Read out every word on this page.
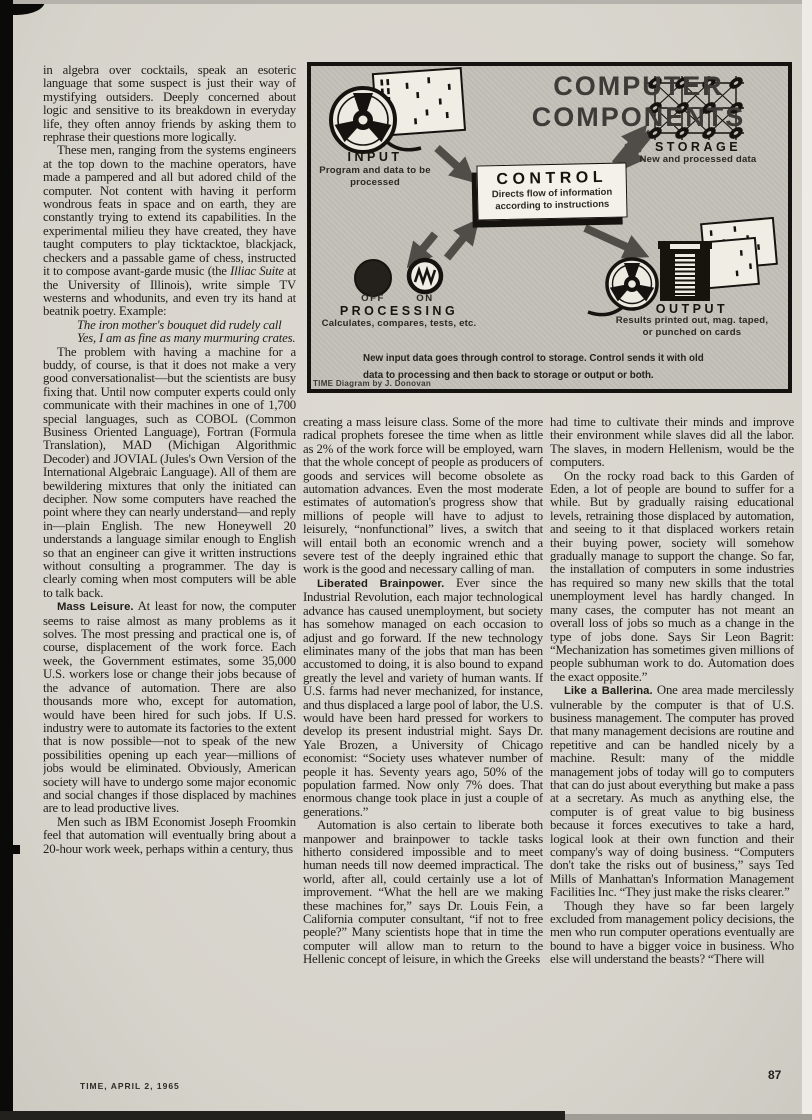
in algebra over cocktails, speak an esoteric language that some suspect is just their way of mystifying outsiders. Deeply concerned about logic and sensitive to its breakdown in everyday life, they often annoy friends by asking them to rephrase their questions more logically.

These men, ranging from the systems engineers at the top down to the machine operators, have made a pampered and all but adored child of the computer. Not content with having it perform wondrous feats in space and on earth, they are constantly trying to extend its capabilities. In the experimental milieu they have created, they have taught computers to play ticktacktoe, blackjack, checkers and a passable game of chess, instructed it to compose avant-garde music (the Illiac Suite at the University of Illinois), write simple TV westerns and whodunits, and even try its hand at beatnik poetry. Example:

The iron mother's bouquet did rudely call
Yes, I am as fine as many murmuring crates.

The problem with having a machine for a buddy, of course, is that it does not make a very good conversationalist—but the scientists are busy fixing that. Until now computer experts could only communicate with their machines in one of 1,700 special languages, such as COBOL (Common Business Oriented Language), Fortran (Formula Translation), MAD (Michigan Algorithmic Decoder) and JOVIAL (Jules's Own Version of the International Algebraic Language). All of them are bewildering mixtures that only the initiated can decipher. Now some computers have reached the point where they can nearly understand—and reply in—plain English. The new Honeywell 20 understands a language similar enough to English so that an engineer can give it written instructions without consulting a programmer. The day is clearly coming when most computers will be able to talk back.

Mass Leisure. At least for now, the computer seems to raise almost as many problems as it solves. The most pressing and practical one is, of course, displacement of the work force. Each week, the Government estimates, some 35,000 U.S. workers lose or change their jobs because of the advance of automation. There are also thousands more who, except for automation, would have been hired for such jobs. If U.S. industry were to automate its factories to the extent that is now possible—not to speak of the new possibilities opening up each year—millions of jobs would be eliminated. Obviously, American society will have to undergo some major economic and social changes if those displaced by machines are to lead productive lives.

Men such as IBM Economist Joseph Froomkin feel that automation will eventually bring about a 20-hour work week, perhaps within a century, thus

COMPUTER
COMPONENTS
INPUT
Program and data to be processed	CONTROL
Directs flow of information
according to instructions
STORAGE
New and processed data
OFF	ON
PROCESSING
Calculates, compares, tests, etc.
OUTPUT
Results printed out, mag. taped,
or punched on cards
New input data goes through control to storage. Control sends it with old
data to processing and then back to storage or output or both.
TIME Diagram by J. Donovan

creating a mass leisure class. Some of the more radical prophets foresee the time when as little as 2% of the work force will be employed, warn that the whole concept of people as producers of goods and services will become obsolete as automation advances. Even the most moderate estimates of automation's progress show that millions of people will have to adjust to leisurely, “nonfunctional” lives, a switch that will entail both an economic wrench and a severe test of the deeply ingrained ethic that work is the good and necessary calling of man.

Liberated Brainpower. Ever since the Industrial Revolution, each major technological advance has caused unemployment, but society has somehow managed on each occasion to adjust and go forward. If the new technology eliminates many of the jobs that man has been accustomed to doing, it is also bound to expand greatly the level and variety of human wants. If U.S. farms had never mechanized, for instance, and thus displaced a large pool of labor, the U.S. would have been hard pressed for workers to develop its present industrial might. Says Dr. Yale Brozen, a University of Chicago economist: “Society uses whatever number of people it has. Seventy years ago, 50% of the population farmed. Now only 7% does. That enormous change took place in just a couple of generations.”

Automation is also certain to liberate both manpower and brainpower to tackle tasks hitherto considered impossible and to meet human needs till now deemed impractical. The world, after all, could certainly use a lot of improvement. “What the hell are we making these machines for,” says Dr. Louis Fein, a California computer consultant, “if not to free people?” Many scientists hope that in time the computer will allow man to return to the Hellenic concept of leisure, in which the Greeks

had time to cultivate their minds and improve their environment while slaves did all the labor. The slaves, in modern Hellenism, would be the computers.

On the rocky road back to this Garden of Eden, a lot of people are bound to suffer for a while. But by gradually raising educational levels, retraining those displaced by automation, and seeing to it that displaced workers retain their buying power, society will somehow gradually manage to support the change. So far, the installation of computers in some industries has required so many new skills that the total unemployment level has hardly changed. In many cases, the computer has not meant an overall loss of jobs so much as a change in the type of jobs done. Says Sir Leon Bagrit: “Mechanization has sometimes given millions of people subhuman work to do. Automation does the exact opposite.”

Like a Ballerina. One area made mercilessly vulnerable by the computer is that of U.S. business management. The computer has proved that many management decisions are routine and repetitive and can be handled nicely by a machine. Result: many of the middle management jobs of today will go to computers that can do just about everything but make a pass at a secretary. As much as anything else, the computer is of great value to big business because it forces executives to take a hard, logical look at their own function and their company's way of doing business. “Computers don't take the risks out of business,” says Ted Mills of Manhattan's Information Management Facilities Inc. “They just make the risks clearer.”

Though they have so far been largely excluded from management policy decisions, the men who run computer operations eventually are bound to have a bigger voice in business. Who else will understand the beasts? “There will

TIME, APRIL 2, 1965
87
